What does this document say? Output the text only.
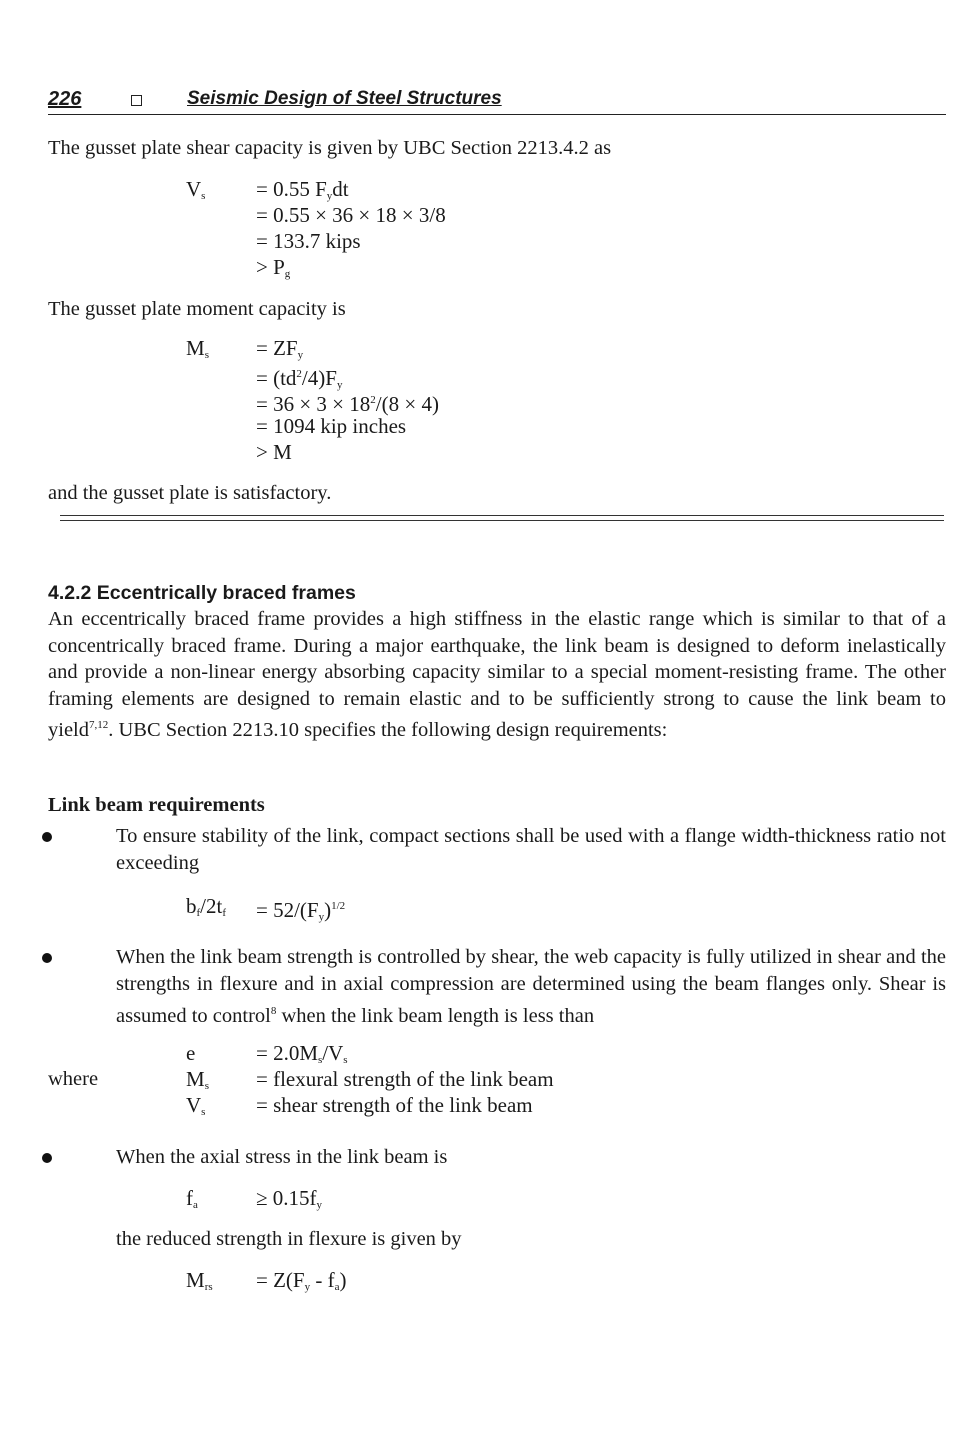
226	Seismic Design of Steel Structures
The gusset plate shear capacity is given by UBC Section 2213.4.2 as
$V_s = 0.55$ $F_ydt$
= 0.55 × 36 × 18 × 3/8
= 133.7 kips
> $P_g$
The gusset plate moment capacity is
$M_s = ZF_y$
= $(td^2/4)F_y$
= $36 \times 3 \times 18^2/(8 \times 4)$
= 1094 kip inches
> M
and the gusset plate is satisfactory.
4.2.2 Eccentrically braced frames
An eccentrically braced frame provides a high stiffness in the elastic range which is similar to that of a concentrically braced frame. During a major earthquake, the link beam is designed to deform inelastically and provide a non-linear energy absorbing capacity similar to a special moment-resisting frame. The other framing elements are designed to remain elastic and to be sufficiently strong to cause the link beam to yield$^{7,12}$. UBC Section 2213.10 specifies the following design requirements:
Link beam requirements
To ensure stability of the link, compact sections shall be used with a flange width-thickness ratio not exceeding
$b_f/2t_f = 52/(F_y)^{1/2}$
When the link beam strength is controlled by shear, the web capacity is fully utilized in shear and the strengths in flexure and in axial compression are determined using the beam flanges only. Shear is assumed to control$^8$ when the link beam length is less than
e	= $2.0M_s/V_s$
where	$M_s$ = flexural strength of the link beam
$V_s$ = shear strength of the link beam
When the axial stress in the link beam is
$f_a$	≥ $0.15f_y$
the reduced strength in flexure is given by
$M_{rs} = Z(F_y - f_a)$
